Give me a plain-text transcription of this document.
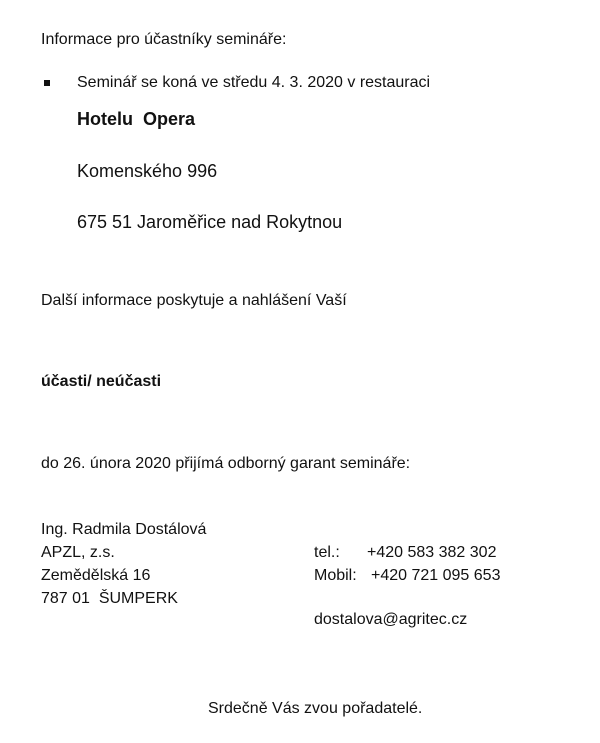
Informace pro účastníky semináře:
Seminář se koná ve středu 4. 3. 2020 v restauraci
Hotelu  Opera
Komenského 996
675 51 Jaroměřice nad Rokytnou
Další informace poskytuje a nahlášení Vaší
účasti/ neúčasti
do 26. února 2020 přijímá odborný garant semináře:
Ing. Radmila Dostálová
APZL, z.s.
Zemědělská 16
787 01  ŠUMPERK
tel.: +420 583 382 302
Mobil: +420 721 095 653
dostalova@agritec.cz
Srdečně Vás zvou pořadatelé.
